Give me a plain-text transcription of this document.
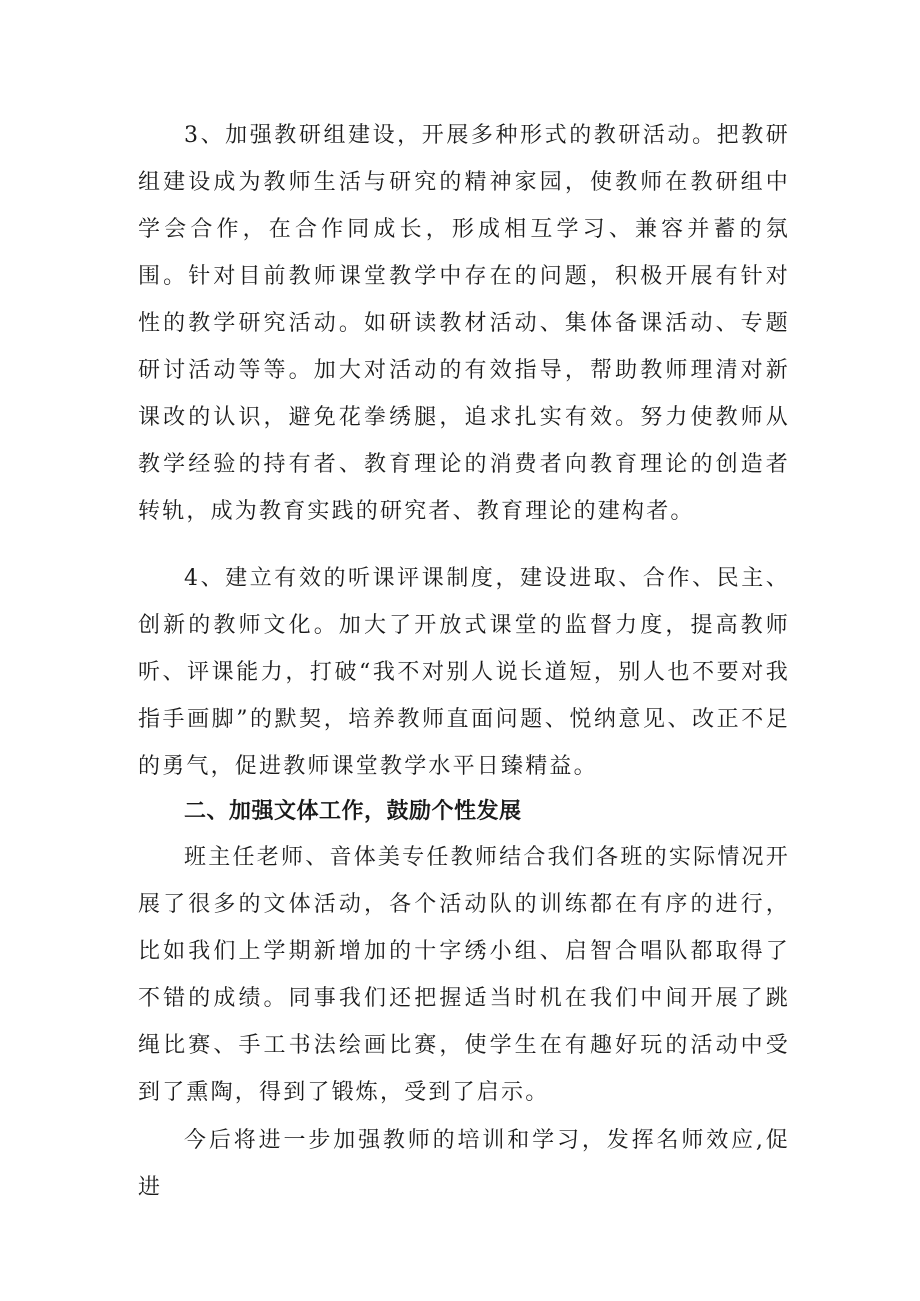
3、加强教研组建设，开展多种形式的教研活动。把教研组建设成为教师生活与研究的精神家园，使教师在教研组中学会合作，在合作同成长，形成相互学习、兼容并蓄的氛围。针对目前教师课堂教学中存在的问题，积极开展有针对性的教学研究活动。如研读教材活动、集体备课活动、专题研讨活动等等。加大对活动的有效指导，帮助教师理清对新课改的认识，避免花拳绣腿，追求扎实有效。努力使教师从教学经验的持有者、教育理论的消费者向教育理论的创造者转轨，成为教育实践的研究者、教育理论的建构者。

4、建立有效的听课评课制度，建设进取、合作、民主、创新的教师文化。加大了开放式课堂的监督力度，提高教师听、评课能力，打破“我不对别人说长道短，别人也不要对我指手画脚”的默契，培养教师直面问题、悦纳意见、改正不足的勇气，促进教师课堂教学水平日臻精益。

二、加强文体工作，鼓励个性发展

班主任老师、音体美专任教师结合我们各班的实际情况开展了很多的文体活动，各个活动队的训练都在有序的进行，比如我们上学期新增加的十字绣小组、启智合唱队都取得了不错的成绩。同事我们还把握适当时机在我们中间开展了跳绳比赛、手工书法绘画比赛，使学生在有趣好玩的活动中受到了熏陶，得到了锻炼，受到了启示。

今后将进一步加强教师的培训和学习，发挥名师效应,促进
